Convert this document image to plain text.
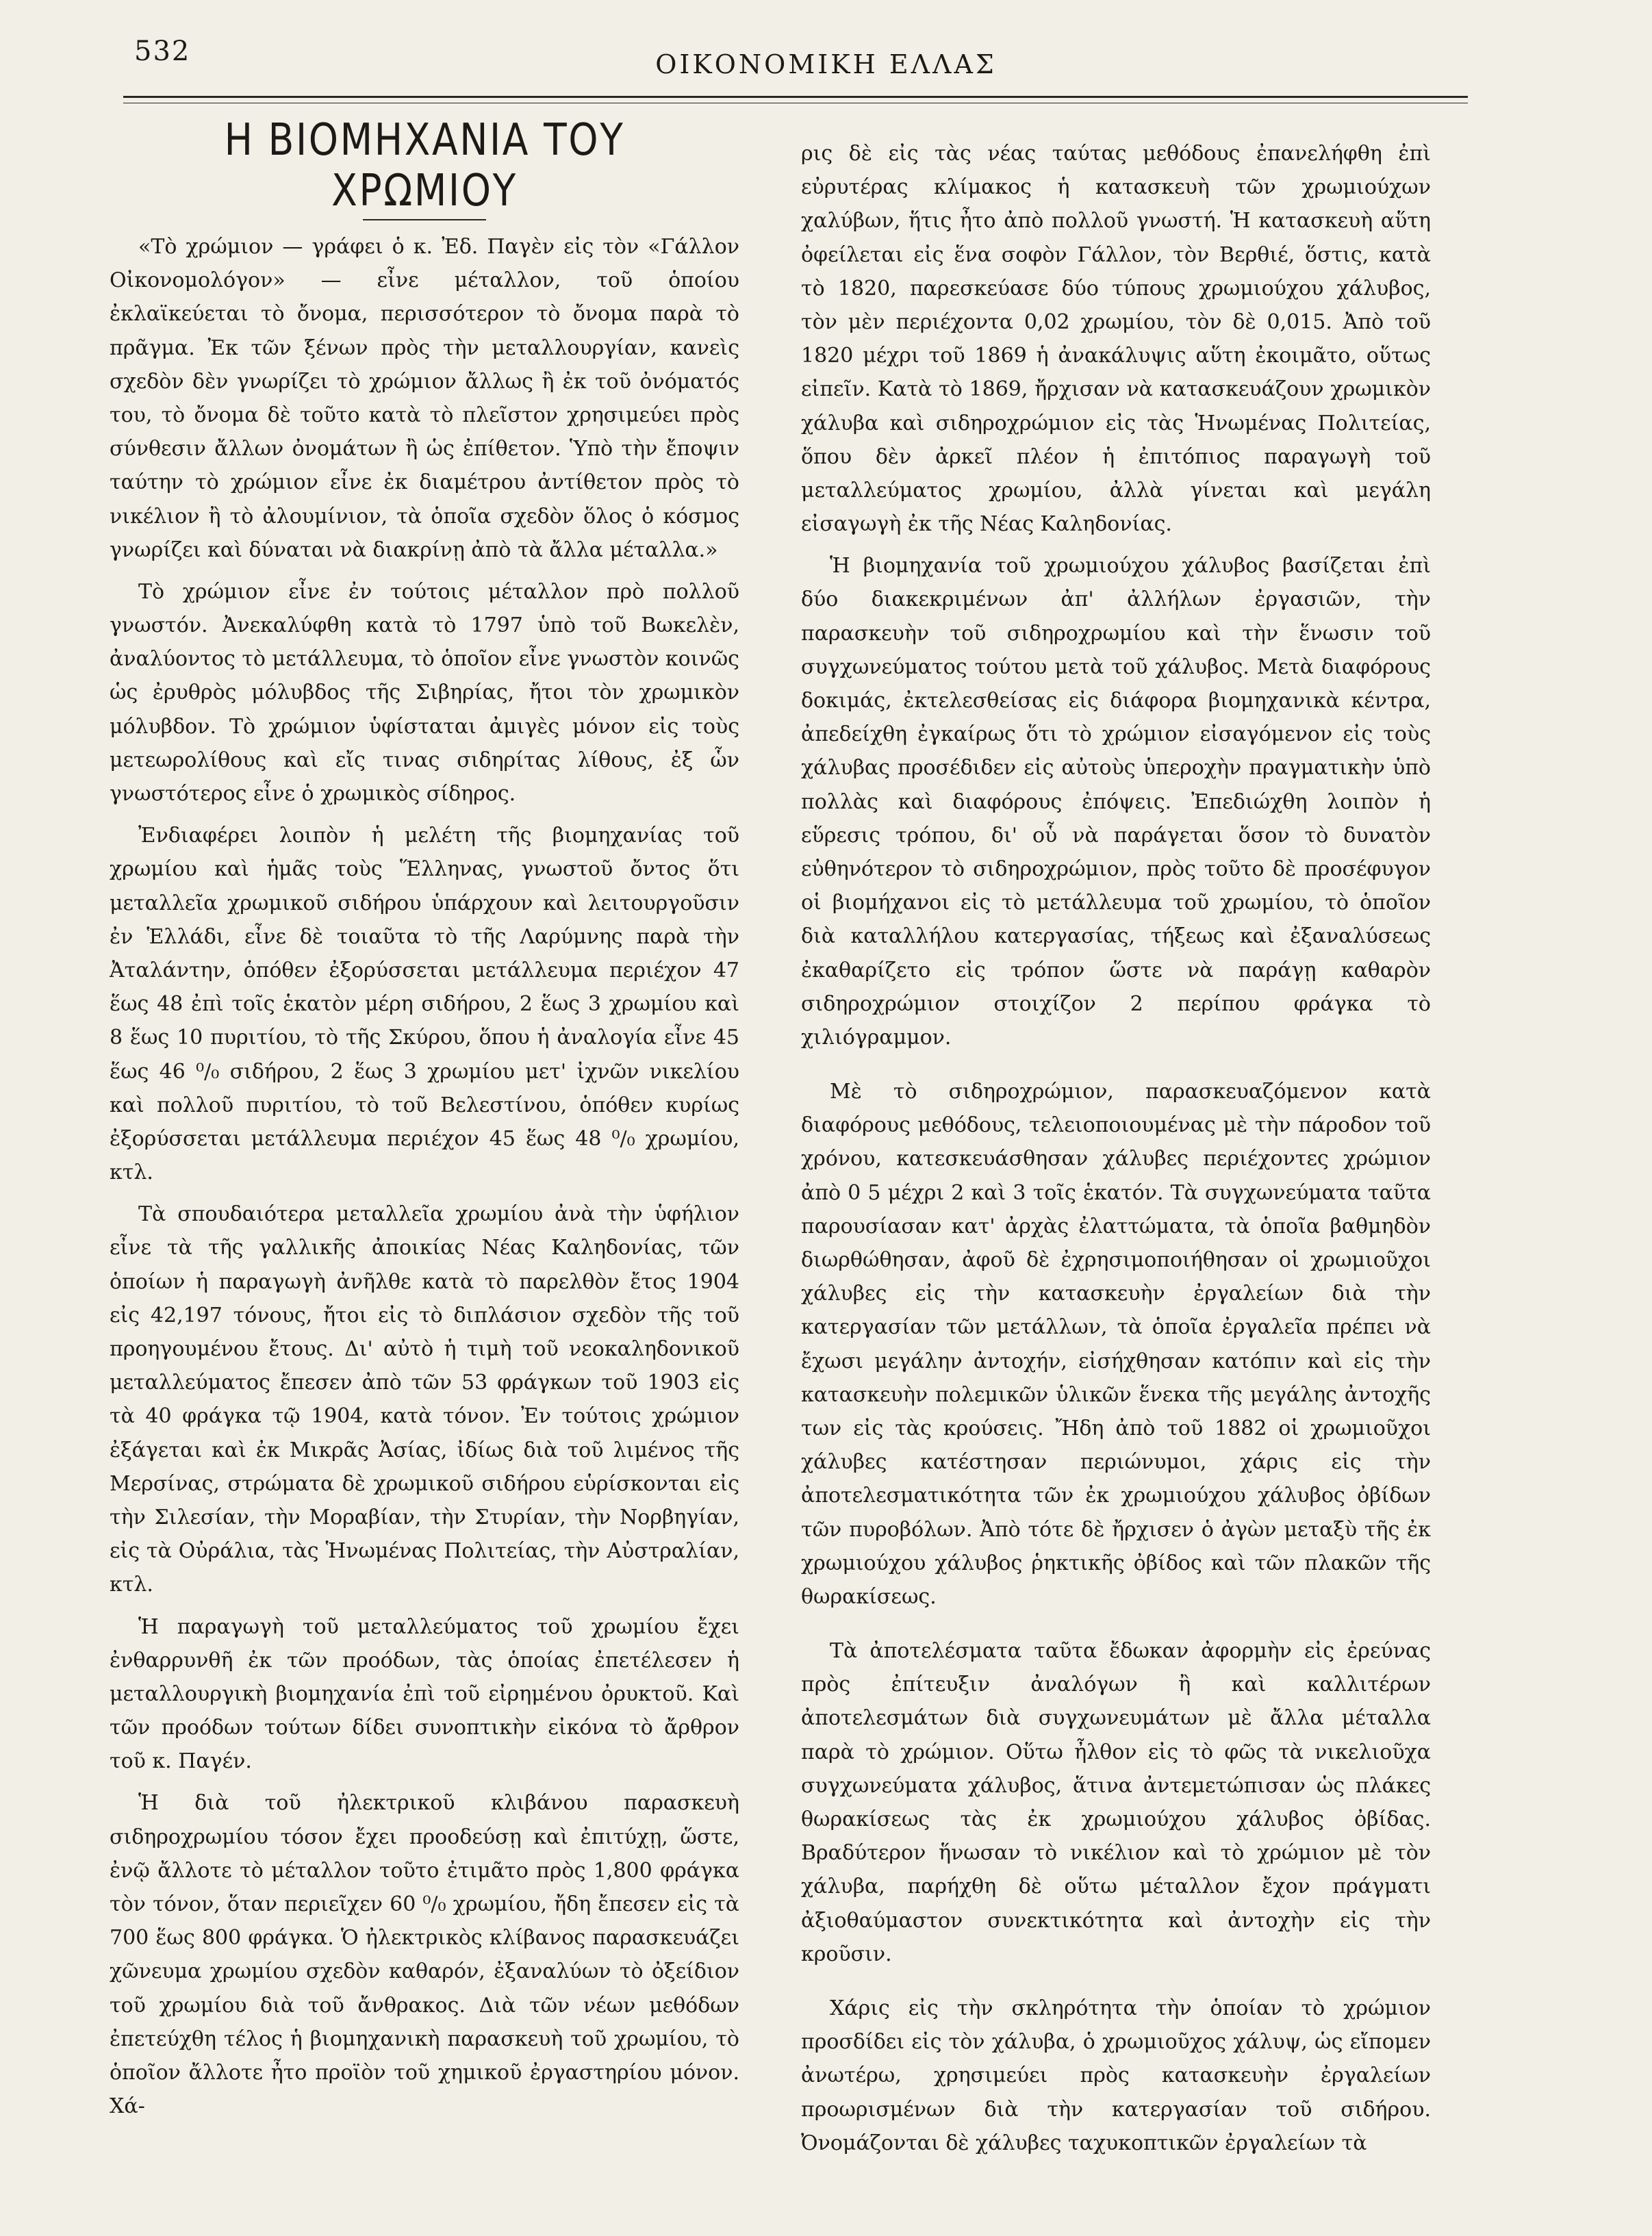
532	ΟΙΚΟΝΟΜΙΚΗ ΕΛΛΑΣ
Η ΒΙΟΜΗΧΑΝΙΑ ΤΟΥ ΧΡΩΜΙΟΥ

«Τὸ χρώμιον — γράφει ὁ κ. Ἐδ. Παγὲν εἰς τὸν «Γάλλον Οἰκονομολόγον» — εἶνε μέταλλον, τοῦ ὁποίου ἐκλαϊκεύεται τὸ ὄνομα, περισσότερον τὸ ὄνομα παρὰ τὸ πρᾶγμα. Ἐκ τῶν ξένων πρὸς τὴν μεταλλουργίαν, κανεὶς σχεδὸν δὲν γνωρίζει τὸ χρώμιον ἄλλως ἢ ἐκ τοῦ ὀνόματός του, τὸ ὄνομα δὲ τοῦτο κατὰ τὸ πλεῖστον χρησιμεύει πρὸς σύνθεσιν ἄλλων ὀνομάτων ἢ ὡς ἐπίθετον. Ὑπὸ τὴν ἔποψιν ταύτην τὸ χρώμιον εἶνε ἐκ διαμέτρου ἀντίθετον πρὸς τὸ νικέλιον ἢ τὸ ἀλουμίνιον, τὰ ὁποῖα σχεδὸν ὅλος ὁ κόσμος γνωρίζει καὶ δύναται νὰ διακρίνῃ ἀπὸ τὰ ἄλλα μέταλλα.»

Τὸ χρώμιον εἶνε ἐν τούτοις μέταλλον πρὸ πολλοῦ γνωστόν. Ἀνεκαλύφθη κατὰ τὸ 1797 ὑπὸ τοῦ Βωκελὲν, ἀναλύοντος τὸ μετάλλευμα, τὸ ὁποῖον εἶνε γνωστὸν κοινῶς ὡς ἐρυθρὸς μόλυβδος τῆς Σιβηρίας, ἤτοι τὸν χρωμικὸν μόλυβδον. Τὸ χρώμιον ὑφίσταται ἀμιγὲς μόνον εἰς τοὺς μετεωρολίθους καὶ εἴς τινας σιδηρίτας λίθους, ἐξ ὧν γνωστότερος εἶνε ὁ χρωμικὸς σίδηρος.

Ἐνδιαφέρει λοιπὸν ἡ μελέτη τῆς βιομηχανίας τοῦ χρωμίου καὶ ἡμᾶς τοὺς Ἕλληνας, γνωστοῦ ὄντος ὅτι μεταλλεῖα χρωμικοῦ σιδήρου ὑπάρχουν καὶ λειτουργοῦσιν ἐν Ἑλλάδι, εἶνε δὲ τοιαῦτα τὸ τῆς Λαρύμνης παρὰ τὴν Ἀταλάντην, ὁπόθεν ἐξορύσσεται μετάλλευμα περιέχον 47 ἕως 48 ἐπὶ τοῖς ἑκατὸν μέρη σιδήρου, 2 ἕως 3 χρωμίου καὶ 8 ἕως 10 πυριτίου, τὸ τῆς Σκύρου, ὅπου ἡ ἀναλογία εἶνε 45 ἕως 46 ⁰/₀ σιδήρου, 2 ἕως 3 χρωμίου μετ' ἰχνῶν νικελίου καὶ πολλοῦ πυριτίου, τὸ τοῦ Βελεστίνου, ὁπόθεν κυρίως ἐξορύσσεται μετάλλευμα περιέχον 45 ἕως 48 ⁰/₀ χρωμίου, κτλ.

Τὰ σπουδαιότερα μεταλλεῖα χρωμίου ἀνὰ τὴν ὑφήλιον εἶνε τὰ τῆς γαλλικῆς ἀποικίας Νέας Καληδονίας, τῶν ὁποίων ἡ παραγωγὴ ἀνῆλθε κατὰ τὸ παρελθὸν ἔτος 1904 εἰς 42,197 τόνους, ἤτοι εἰς τὸ διπλάσιον σχεδὸν τῆς τοῦ προηγουμένου ἔτους. Δι' αὐτὸ ἡ τιμὴ τοῦ νεοκαληδονικοῦ μεταλλεύματος ἔπεσεν ἀπὸ τῶν 53 φράγκων τοῦ 1903 εἰς τὰ 40 φράγκα τῷ 1904, κατὰ τόνον. Ἐν τούτοις χρώμιον ἐξάγεται καὶ ἐκ Μικρᾶς Ἀσίας, ἰδίως διὰ τοῦ λιμένος τῆς Μερσίνας, στρώματα δὲ χρωμικοῦ σιδήρου εὑρίσκονται εἰς τὴν Σιλεσίαν, τὴν Μοραβίαν, τὴν Στυρίαν, τὴν Νορβηγίαν, εἰς τὰ Οὐράλια, τὰς Ἡνωμένας Πολιτείας, τὴν Αὐστραλίαν, κτλ.

Ἡ παραγωγὴ τοῦ μεταλλεύματος τοῦ χρωμίου ἔχει ἐνθαρρυνθῆ ἐκ τῶν προόδων, τὰς ὁποίας ἐπετέλεσεν ἡ μεταλλουργικὴ βιομηχανία ἐπὶ τοῦ εἰρημένου ὀρυκτοῦ. Καὶ τῶν προόδων τούτων δίδει συνοπτικὴν εἰκόνα τὸ ἄρθρον τοῦ κ. Παγέν.

Ἡ διὰ τοῦ ἠλεκτρικοῦ κλιβάνου παρασκευὴ σιδηροχρωμίου τόσον ἔχει προοδεύσῃ καὶ ἐπιτύχῃ, ὥστε, ἐνῷ ἄλλοτε τὸ μέταλλον τοῦτο ἐτιμᾶτο πρὸς 1,800 φράγκα τὸν τόνον, ὅταν περιεῖχεν 60 ⁰/₀ χρωμίου, ἤδη ἔπεσεν εἰς τὰ 700 ἕως 800 φράγκα. Ὁ ἠλεκτρικὸς κλίβανος παρασκευάζει χῶνευμα χρωμίου σχεδὸν καθαρόν, ἐξαναλύων τὸ ὀξείδιον τοῦ χρωμίου διὰ τοῦ ἄνθρακος. Διὰ τῶν νέων μεθόδων ἐπετεύχθη τέλος ἡ βιομηχανικὴ παρασκευὴ τοῦ χρωμίου, τὸ ὁποῖον ἄλλοτε ἦτο προϊὸν τοῦ χημικοῦ ἐργαστηρίου μόνον. Χά-

ρις δὲ εἰς τὰς νέας ταύτας μεθόδους ἐπανελήφθη ἐπὶ εὐρυτέρας κλίμακος ἡ κατασκευὴ τῶν χρωμιούχων χαλύβων, ἥτις ἦτο ἀπὸ πολλοῦ γνωστή. Ἡ κατασκευὴ αὕτη ὀφείλεται εἰς ἕνα σοφὸν Γάλλον, τὸν Βερθιέ, ὅστις, κατὰ τὸ 1820, παρεσκεύασε δύο τύπους χρωμιούχου χάλυβος, τὸν μὲν περιέχοντα 0,02 χρωμίου, τὸν δὲ 0,015. Ἀπὸ τοῦ 1820 μέχρι τοῦ 1869 ἡ ἀνακάλυψις αὕτη ἐκοιμᾶτο, οὕτως εἰπεῖν. Κατὰ τὸ 1869, ἤρχισαν νὰ κατασκευάζουν χρωμικὸν χάλυβα καὶ σιδηροχρώμιον εἰς τὰς Ἡνωμένας Πολιτείας, ὅπου δὲν ἀρκεῖ πλέον ἡ ἐπιτόπιος παραγωγὴ τοῦ μεταλλεύματος χρωμίου, ἀλλὰ γίνεται καὶ μεγάλη εἰσαγωγὴ ἐκ τῆς Νέας Καληδονίας.

Ἡ βιομηχανία τοῦ χρωμιούχου χάλυβος βασίζεται ἐπὶ δύο διακεκριμένων ἀπ' ἀλλήλων ἐργασιῶν, τὴν παρασκευὴν τοῦ σιδηροχρωμίου καὶ τὴν ἕνωσιν τοῦ συγχωνεύματος τούτου μετὰ τοῦ χάλυβος. Μετὰ διαφόρους δοκιμάς, ἐκτελεσθείσας εἰς διάφορα βιομηχανικὰ κέντρα, ἀπεδείχθη ἐγκαίρως ὅτι τὸ χρώμιον εἰσαγόμενον εἰς τοὺς χάλυβας προσέδιδεν εἰς αὐτοὺς ὑπεροχὴν πραγματικὴν ὑπὸ πολλὰς καὶ διαφόρους ἐπόψεις. Ἐπεδιώχθη λοιπὸν ἡ εὕρεσις τρόπου, δι' οὗ νὰ παράγεται ὅσον τὸ δυνατὸν εὐθηνότερον τὸ σιδηροχρώμιον, πρὸς τοῦτο δὲ προσέφυγον οἱ βιομήχανοι εἰς τὸ μετάλλευμα τοῦ χρωμίου, τὸ ὁποῖον διὰ καταλλήλου κατεργασίας, τήξεως καὶ ἐξαναλύσεως ἐκαθαρίζετο εἰς τρόπον ὥστε νὰ παράγῃ καθαρὸν σιδηροχρώμιον στοιχίζον 2 περίπου φράγκα τὸ χιλιόγραμμον.

Μὲ τὸ σιδηροχρώμιον, παρασκευαζόμενον κατὰ διαφόρους μεθόδους, τελειοποιουμένας μὲ τὴν πάροδον τοῦ χρόνου, κατεσκευάσθησαν χάλυβες περιέχοντες χρώμιον ἀπὸ 0 5 μέχρι 2 καὶ 3 τοῖς ἑκατόν. Τὰ συγχωνεύματα ταῦτα παρουσίασαν κατ' ἀρχὰς ἐλαττώματα, τὰ ὁποῖα βαθμηδὸν διωρθώθησαν, ἀφοῦ δὲ ἐχρησιμοποιήθησαν οἱ χρωμιοῦχοι χάλυβες εἰς τὴν κατασκευὴν ἐργαλείων διὰ τὴν κατεργασίαν τῶν μετάλλων, τὰ ὁποῖα ἐργαλεῖα πρέπει νὰ ἔχωσι μεγάλην ἀντοχήν, εἰσήχθησαν κατόπιν καὶ εἰς τὴν κατασκευὴν πολεμικῶν ὑλικῶν ἕνεκα τῆς μεγάλης ἀντοχῆς των εἰς τὰς κρούσεις. Ἤδη ἀπὸ τοῦ 1882 οἱ χρωμιοῦχοι χάλυβες κατέστησαν περιώνυμοι, χάρις εἰς τὴν ἀποτελεσματικότητα τῶν ἐκ χρωμιούχου χάλυβος ὀβίδων τῶν πυροβόλων. Ἀπὸ τότε δὲ ἤρχισεν ὁ ἀγὼν μεταξὺ τῆς ἐκ χρωμιούχου χάλυβος ῥηκτικῆς ὀβίδος καὶ τῶν πλακῶν τῆς θωρακίσεως.

Τὰ ἀποτελέσματα ταῦτα ἔδωκαν ἀφορμὴν εἰς ἐρεύνας πρὸς ἐπίτευξιν ἀναλόγων ἢ καὶ καλλιτέρων ἀποτελεσμάτων διὰ συγχωνευμάτων μὲ ἄλλα μέταλλα παρὰ τὸ χρώμιον. Οὕτω ἦλθον εἰς τὸ φῶς τὰ νικελιοῦχα συγχωνεύματα χάλυβος, ἅτινα ἀντεμετώπισαν ὡς πλάκες θωρακίσεως τὰς ἐκ χρωμιούχου χάλυβος ὀβίδας. Βραδύτερον ἥνωσαν τὸ νικέλιον καὶ τὸ χρώμιον μὲ τὸν χάλυβα, παρήχθη δὲ οὕτω μέταλλον ἔχον πράγματι ἀξιοθαύμαστον συνεκτικότητα καὶ ἀντοχὴν εἰς τὴν κροῦσιν.

Χάρις εἰς τὴν σκληρότητα τὴν ὁποίαν τὸ χρώμιον προσδίδει εἰς τὸν χάλυβα, ὁ χρωμιοῦχος χάλυψ, ὡς εἴπομεν ἀνωτέρω, χρησιμεύει πρὸς κατασκευὴν ἐργαλείων προωρισμένων διὰ τὴν κατεργασίαν τοῦ σιδήρου. Ὀνομάζονται δὲ χάλυβες ταχυκοπτικῶν ἐργαλείων τὰ
